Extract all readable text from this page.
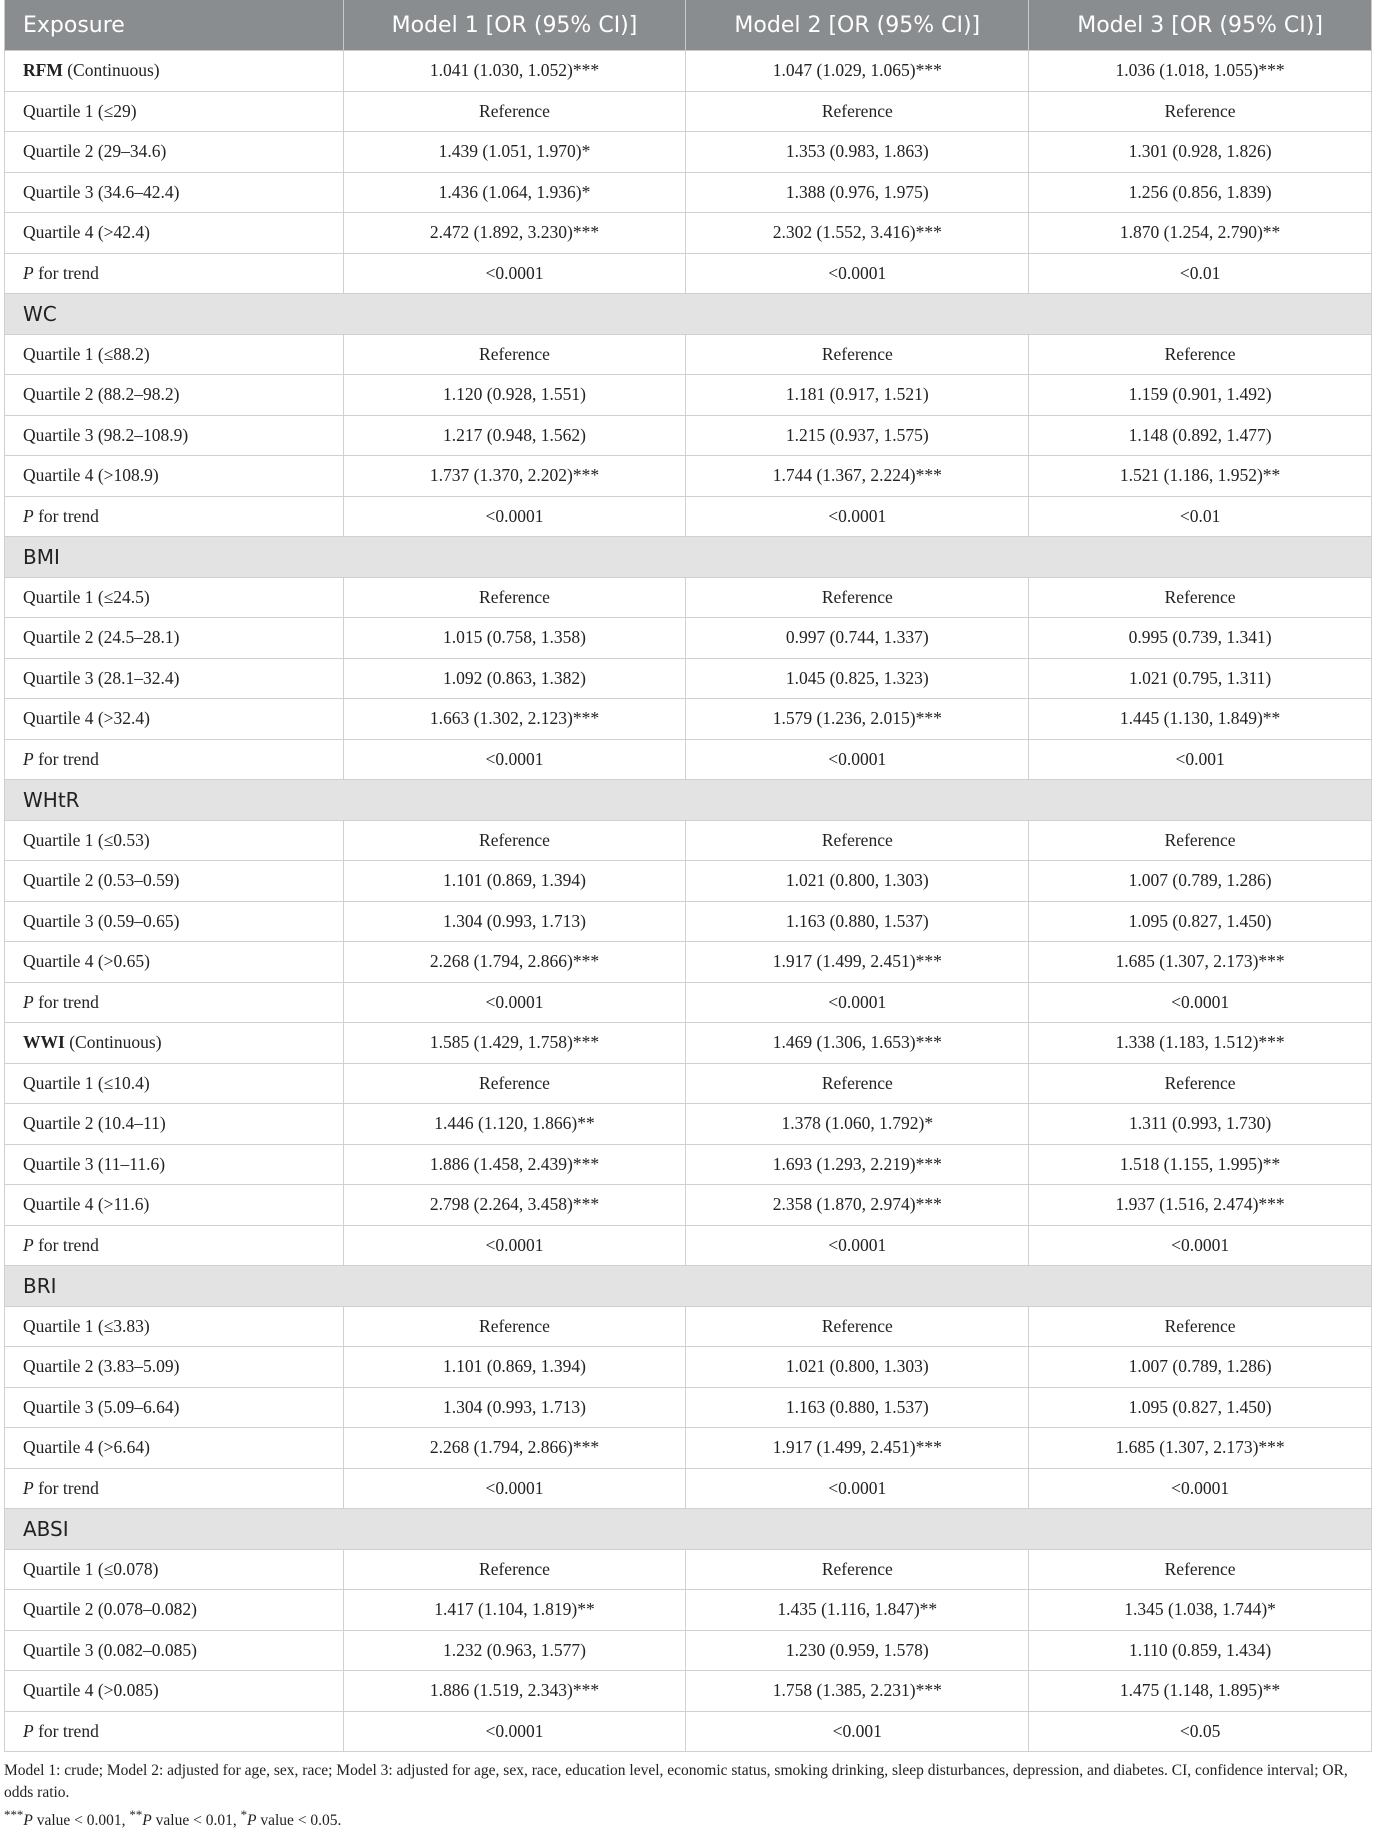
Exposure	Model 1 [OR (95% CI)]	Model 2 [OR (95% CI)]	Model 3 [OR (95% CI)]
RFM (Continuous)	1.041 (1.030, 1.052)***	1.047 (1.029, 1.065)***	1.036 (1.018, 1.055)***
Quartile 1 (≤29)	Reference	Reference	Reference
Quartile 2 (29–34.6)	1.439 (1.051, 1.970)*	1.353 (0.983, 1.863)	1.301 (0.928, 1.826)
Quartile 3 (34.6–42.4)	1.436 (1.064, 1.936)*	1.388 (0.976, 1.975)	1.256 (0.856, 1.839)
Quartile 4 (>42.4)	2.472 (1.892, 3.230)***	2.302 (1.552, 3.416)***	1.870 (1.254, 2.790)**
P for trend	<0.0001	<0.0001	<0.01
WC			
Quartile 1 (≤88.2)	Reference	Reference	Reference
Quartile 2 (88.2–98.2)	1.120 (0.928, 1.551)	1.181 (0.917, 1.521)	1.159 (0.901, 1.492)
Quartile 3 (98.2–108.9)	1.217 (0.948, 1.562)	1.215 (0.937, 1.575)	1.148 (0.892, 1.477)
Quartile 4 (>108.9)	1.737 (1.370, 2.202)***	1.744 (1.367, 2.224)***	1.521 (1.186, 1.952)**
P for trend	<0.0001	<0.0001	<0.01
BMI			
Quartile 1 (≤24.5)	Reference	Reference	Reference
Quartile 2 (24.5–28.1)	1.015 (0.758, 1.358)	0.997 (0.744, 1.337)	0.995 (0.739, 1.341)
Quartile 3 (28.1–32.4)	1.092 (0.863, 1.382)	1.045 (0.825, 1.323)	1.021 (0.795, 1.311)
Quartile 4 (>32.4)	1.663 (1.302, 2.123)***	1.579 (1.236, 2.015)***	1.445 (1.130, 1.849)**
P for trend	<0.0001	<0.0001	<0.001
WHtR			
Quartile 1 (≤0.53)	Reference	Reference	Reference
Quartile 2 (0.53–0.59)	1.101 (0.869, 1.394)	1.021 (0.800, 1.303)	1.007 (0.789, 1.286)
Quartile 3 (0.59–0.65)	1.304 (0.993, 1.713)	1.163 (0.880, 1.537)	1.095 (0.827, 1.450)
Quartile 4 (>0.65)	2.268 (1.794, 2.866)***	1.917 (1.499, 2.451)***	1.685 (1.307, 2.173)***
P for trend	<0.0001	<0.0001	<0.0001
WWI (Continuous)	1.585 (1.429, 1.758)***	1.469 (1.306, 1.653)***	1.338 (1.183, 1.512)***
Quartile 1 (≤10.4)	Reference	Reference	Reference
Quartile 2 (10.4–11)	1.446 (1.120, 1.866)**	1.378 (1.060, 1.792)*	1.311 (0.993, 1.730)
Quartile 3 (11–11.6)	1.886 (1.458, 2.439)***	1.693 (1.293, 2.219)***	1.518 (1.155, 1.995)**
Quartile 4 (>11.6)	2.798 (2.264, 3.458)***	2.358 (1.870, 2.974)***	1.937 (1.516, 2.474)***
P for trend	<0.0001	<0.0001	<0.0001
BRI			
Quartile 1 (≤3.83)	Reference	Reference	Reference
Quartile 2 (3.83–5.09)	1.101 (0.869, 1.394)	1.021 (0.800, 1.303)	1.007 (0.789, 1.286)
Quartile 3 (5.09–6.64)	1.304 (0.993, 1.713)	1.163 (0.880, 1.537)	1.095 (0.827, 1.450)
Quartile 4 (>6.64)	2.268 (1.794, 2.866)***	1.917 (1.499, 2.451)***	1.685 (1.307, 2.173)***
P for trend	<0.0001	<0.0001	<0.0001
ABSI			
Quartile 1 (≤0.078)	Reference	Reference	Reference
Quartile 2 (0.078–0.082)	1.417 (1.104, 1.819)**	1.435 (1.116, 1.847)**	1.345 (1.038, 1.744)*
Quartile 3 (0.082–0.085)	1.232 (0.963, 1.577)	1.230 (0.959, 1.578)	1.110 (0.859, 1.434)
Quartile 4 (>0.085)	1.886 (1.519, 2.343)***	1.758 (1.385, 2.231)***	1.475 (1.148, 1.895)**
P for trend	<0.0001	<0.001	<0.05

Model 1: crude; Model 2: adjusted for age, sex, race; Model 3: adjusted for age, sex, race, education level, economic status, smoking drinking, sleep disturbances, depression, and diabetes. CI, confidence interval; OR, odds ratio.

***P value < 0.001, **P value < 0.01, *P value < 0.05.
